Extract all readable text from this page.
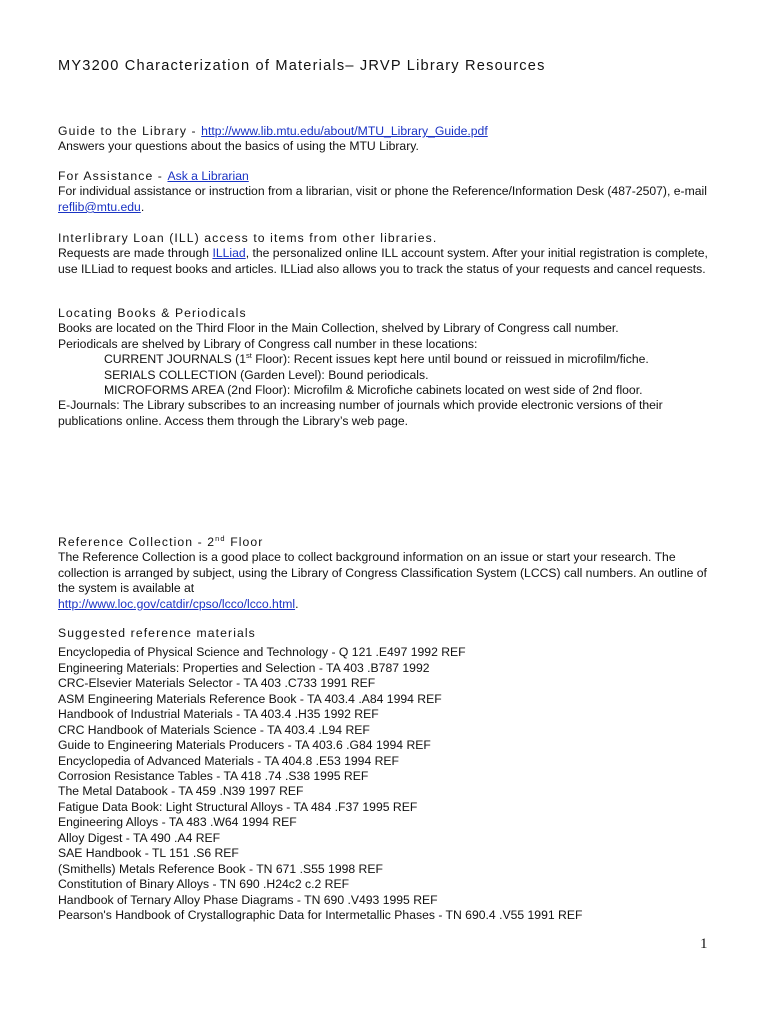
MY3200 Characterization of Materials– JRVP Library Resources

Guide to the Library - http://www.lib.mtu.edu/about/MTU_Library_Guide.pdf

Answers your questions about the basics of using the MTU Library.

For Assistance - Ask a Librarian

For individual assistance or instruction from a librarian, visit or phone the Reference/Information Desk (487-2507), e-mail reflib@mtu.edu.

Interlibrary Loan (ILL) access to items from other libraries.

Requests are made through ILLiad, the personalized online ILL account system. After your initial registration is complete, use ILLiad to request books and articles. ILLiad also allows you to track the status of your requests and cancel requests.

Locating Books & Periodicals

Books are located on the Third Floor in the Main Collection, shelved by Library of Congress call number.

Periodicals are shelved by Library of Congress call number in these locations:

CURRENT JOURNALS (1st Floor): Recent issues kept here until bound or reissued in microfilm/fiche.

SERIALS COLLECTION (Garden Level): Bound periodicals.

MICROFORMS AREA (2nd Floor): Microfilm & Microfiche cabinets located on west side of 2nd floor.

E-Journals: The Library subscribes to an increasing number of journals which provide electronic versions of their publications online. Access them through the Library’s web page.

Reference Collection - 2nd Floor

The Reference Collection is a good place to collect background information on an issue or start your research. The collection is arranged by subject, using the Library of Congress Classification System (LCCS) call numbers. An outline of the system is available at

http://www.loc.gov/catdir/cpso/lcco/lcco.html.

Suggested reference materials

Encyclopedia of Physical Science and Technology - Q 121 .E497 1992 REF
Engineering Materials: Properties and Selection - TA 403 .B787 1992
CRC-Elsevier Materials Selector - TA 403 .C733 1991 REF
ASM Engineering Materials Reference Book - TA 403.4 .A84 1994 REF
Handbook of Industrial Materials - TA 403.4 .H35 1992 REF
CRC Handbook of Materials Science - TA 403.4 .L94 REF
Guide to Engineering Materials Producers - TA 403.6 .G84 1994 REF
Encyclopedia of Advanced Materials - TA 404.8 .E53 1994 REF
Corrosion Resistance Tables - TA 418 .74 .S38 1995 REF
The Metal Databook - TA 459 .N39 1997 REF
Fatigue Data Book: Light Structural Alloys - TA 484 .F37 1995 REF
Engineering Alloys - TA 483 .W64 1994 REF
Alloy Digest - TA 490 .A4 REF
SAE Handbook - TL 151 .S6 REF
(Smithells) Metals Reference Book - TN 671 .S55 1998 REF
Constitution of Binary Alloys - TN 690 .H24c2 c.2 REF
Handbook of Ternary Alloy Phase Diagrams - TN 690 .V493 1995 REF
Pearson's Handbook of Crystallographic Data for Intermetallic Phases - TN 690.4 .V55 1991 REF
1
